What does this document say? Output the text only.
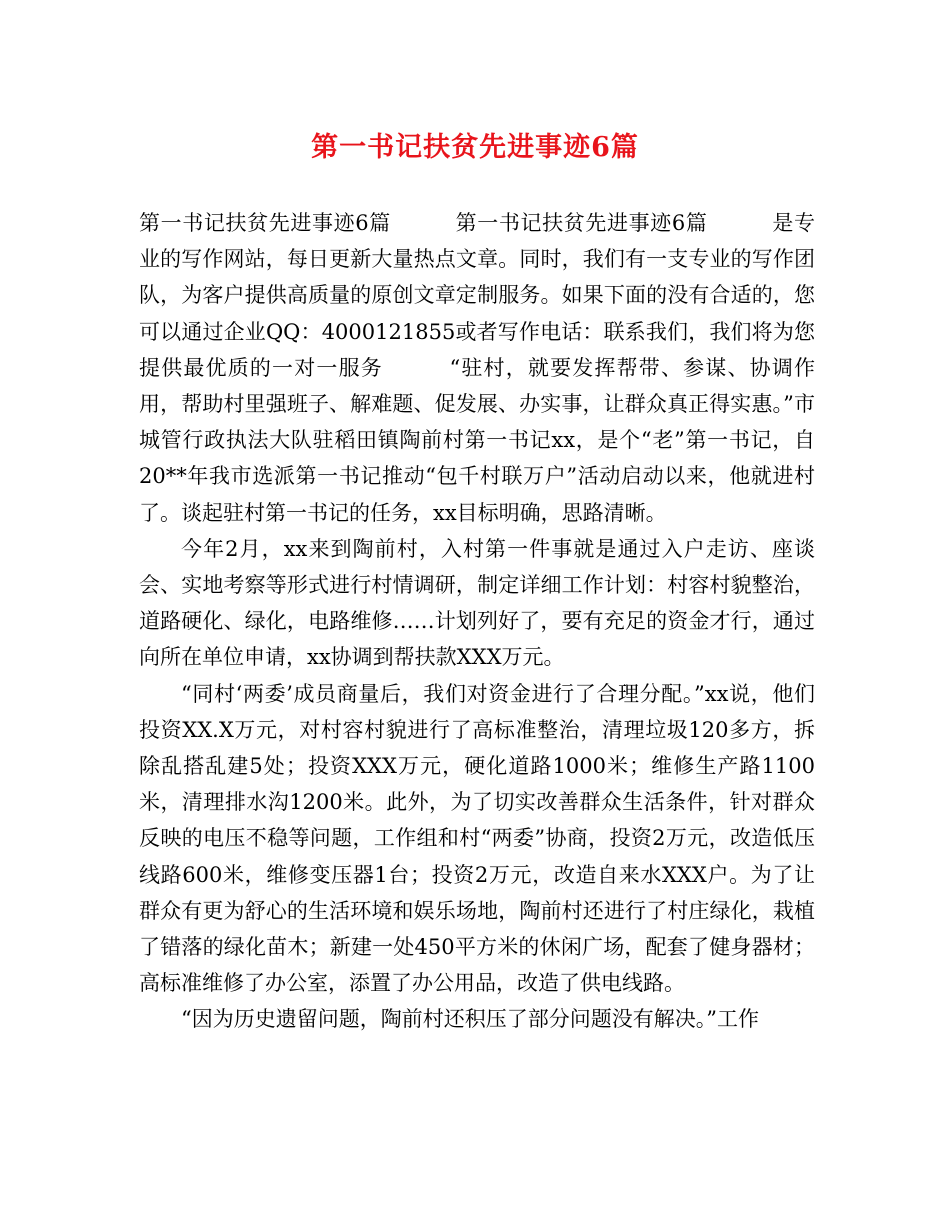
第一书记扶贫先进事迹6篇

第一书记扶贫先进事迹6篇　　　第一书记扶贫先进事迹6篇　　　是专业的写作网站，每日更新大量热点文章。同时，我们有一支专业的写作团队，为客户提供高质量的原创文章定制服务。如果下面的没有合适的，您可以通过企业QQ：4000121855或者写作电话：联系我们，我们将为您提供最优质的一对一服务　　　“驻村，就要发挥帮带、参谋、协调作用，帮助村里强班子、解难题、促发展、办实事，让群众真正得实惠。”市城管行政执法大队驻稻田镇陶前村第一书记xx，是个“老”第一书记，自20**年我市选派第一书记推动“包千村联万户”活动启动以来，他就进村了。谈起驻村第一书记的任务，xx目标明确，思路清晰。

今年2月，xx来到陶前村，入村第一件事就是通过入户走访、座谈会、实地考察等形式进行村情调研，制定详细工作计划：村容村貌整治，道路硬化、绿化，电路维修……计划列好了，要有充足的资金才行，通过向所在单位申请，xx协调到帮扶款XXX万元。

“同村‘两委’成员商量后，我们对资金进行了合理分配。”xx说，他们投资XX.X万元，对村容村貌进行了高标准整治，清理垃圾120多方，拆除乱搭乱建5处；投资XXX万元，硬化道路1000米；维修生产路1100米，清理排水沟1200米。此外，为了切实改善群众生活条件，针对群众反映的电压不稳等问题，工作组和村“两委”协商，投资2万元，改造低压线路600米，维修变压器1台；投资2万元，改造自来水XXX户。为了让群众有更为舒心的生活环境和娱乐场地，陶前村还进行了村庄绿化，栽植了错落的绿化苗木；新建一处450平方米的休闲广场，配套了健身器材；高标准维修了办公室，添置了办公用品，改造了供电线路。

“因为历史遗留问题，陶前村还积压了部分问题没有解决。”工作
